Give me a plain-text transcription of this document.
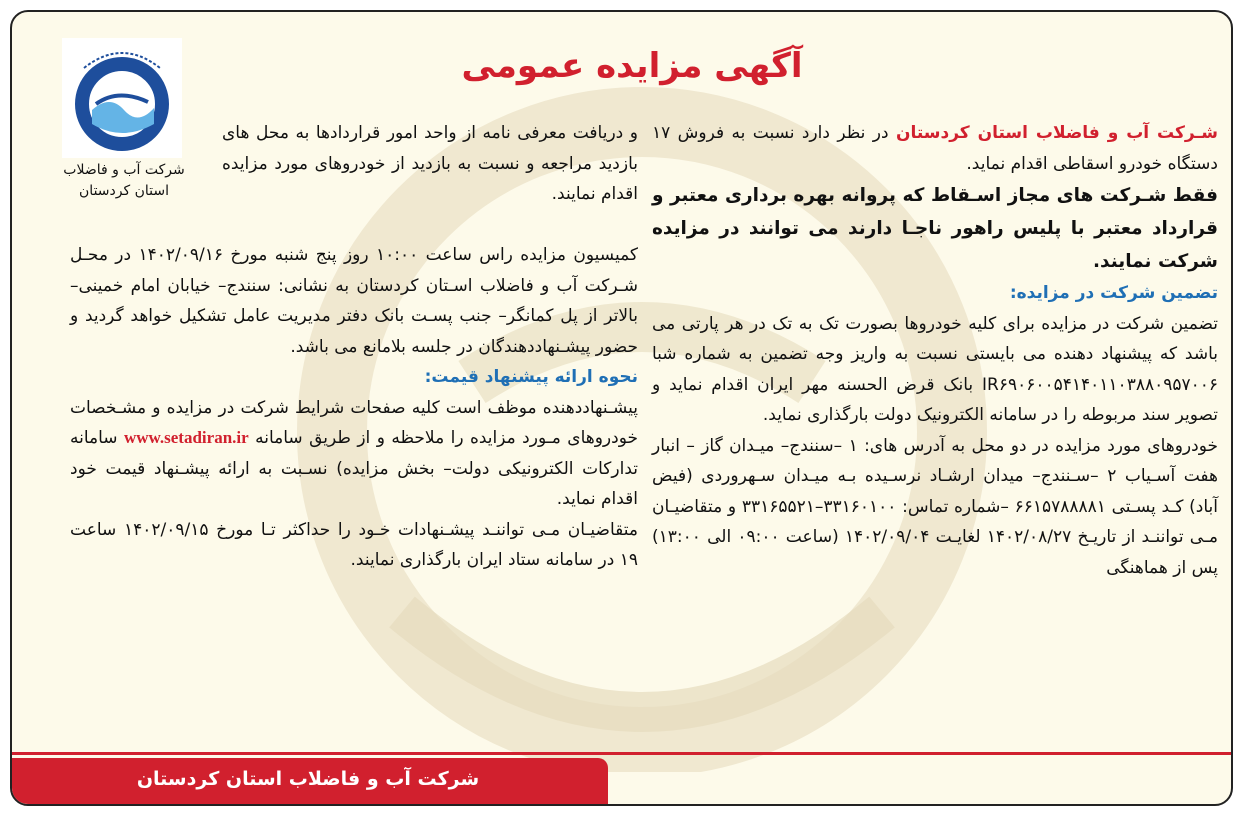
آگهی مزایده عمومی
شرکت آب و فاضلاب
استان کردستان

شـرکت آب و فاضلاب استان کردستان در نظر دارد نسبت به فروش ۱۷ دستگاه خودرو اسقاطی اقدام نماید.

فقط شـرکت های مجاز اسـقاط که پروانه بهره برداری معتبر و قرارداد معتبر با پلیس راهور ناجـا دارند می توانند در مزایده شرکت نمایند.

تضمین شرکت در مزایده:

تضمین شرکت در مزایده برای کلیه خودروها بصورت تک به تک در هر پارتی می باشد که پیشنهاد دهنده می بایستی نسبت به واریز وجه تضمین به شماره شبا IR۶۹۰۶۰۰۵۴۱۴۰۱۱۰۳۸۸۰۹۵۷۰۰۶ بانک قرض الحسنه مهر ایران اقدام نماید و تصویر سند مربوطه را در سامانه الکترونیک دولت بارگذاری نماید.

خودروهای مورد مزایده در دو محل به آدرس های: ۱ –سنندج– میـدان گاز – انبار هفت آسـیاب ۲ –سـنندج– میدان ارشـاد نرسـیده بـه میـدان سـهروردی (فیض آباد) کـد پسـتی ۶۶۱۵۷۸۸۸۸۱ –شماره تماس: ۳۳۱۶۰۱۰۰–۳۳۱۶۵۵۲۱ و متقاضیـان مـی تواننـد از تاریـخ ۱۴۰۲/۰۸/۲۷ لغایـت ۱۴۰۲/۰۹/۰۴ (ساعت ۰۹:۰۰ الی ۱۳:۰۰) پس از هماهنگی

و دریافت معرفی نامه از واحد امور قراردادها به محل های بازدید مراجعه و نسبت به بازدید از خودروهای مورد مزایده اقدام نمایند.

کمیسیون مزایده راس ساعت ۱۰:۰۰ روز پنج شنبه مورخ ۱۴۰۲/۰۹/۱۶ در محـل شـرکت آب و فاضلاب اسـتان کردستان به نشانی: سنندج– خیابان امام خمینی– بالاتر از پل کمانگر– جنب پسـت بانک دفتر مدیریت عامل تشکیل خواهد گردید و حضور پیشـنهاددهندگان در جلسه بلامانع می باشد.

نحوه ارائه پیشنهاد قیمت:

پیشـنهاددهنده موظف است کلیه صفحات شرایط شرکت در مزایده و مشـخصات خودروهای مـورد مزایده را ملاحظه و از طریق سامانه www.setadiran.ir سامانه تدارکات الکترونیکی دولت– بخش مزایده) نسـبت به ارائه پیشـنهاد قیمت خود اقدام نماید.

متقاضیـان مـی تواننـد پیشـنهادات خـود را حداکثر تـا مورخ ۱۴۰۲/۰۹/۱۵ ساعت ۱۹ در سامانه ستاد ایران بارگذاری نمایند.

شرکت آب و فاضلاب استان کردستان
